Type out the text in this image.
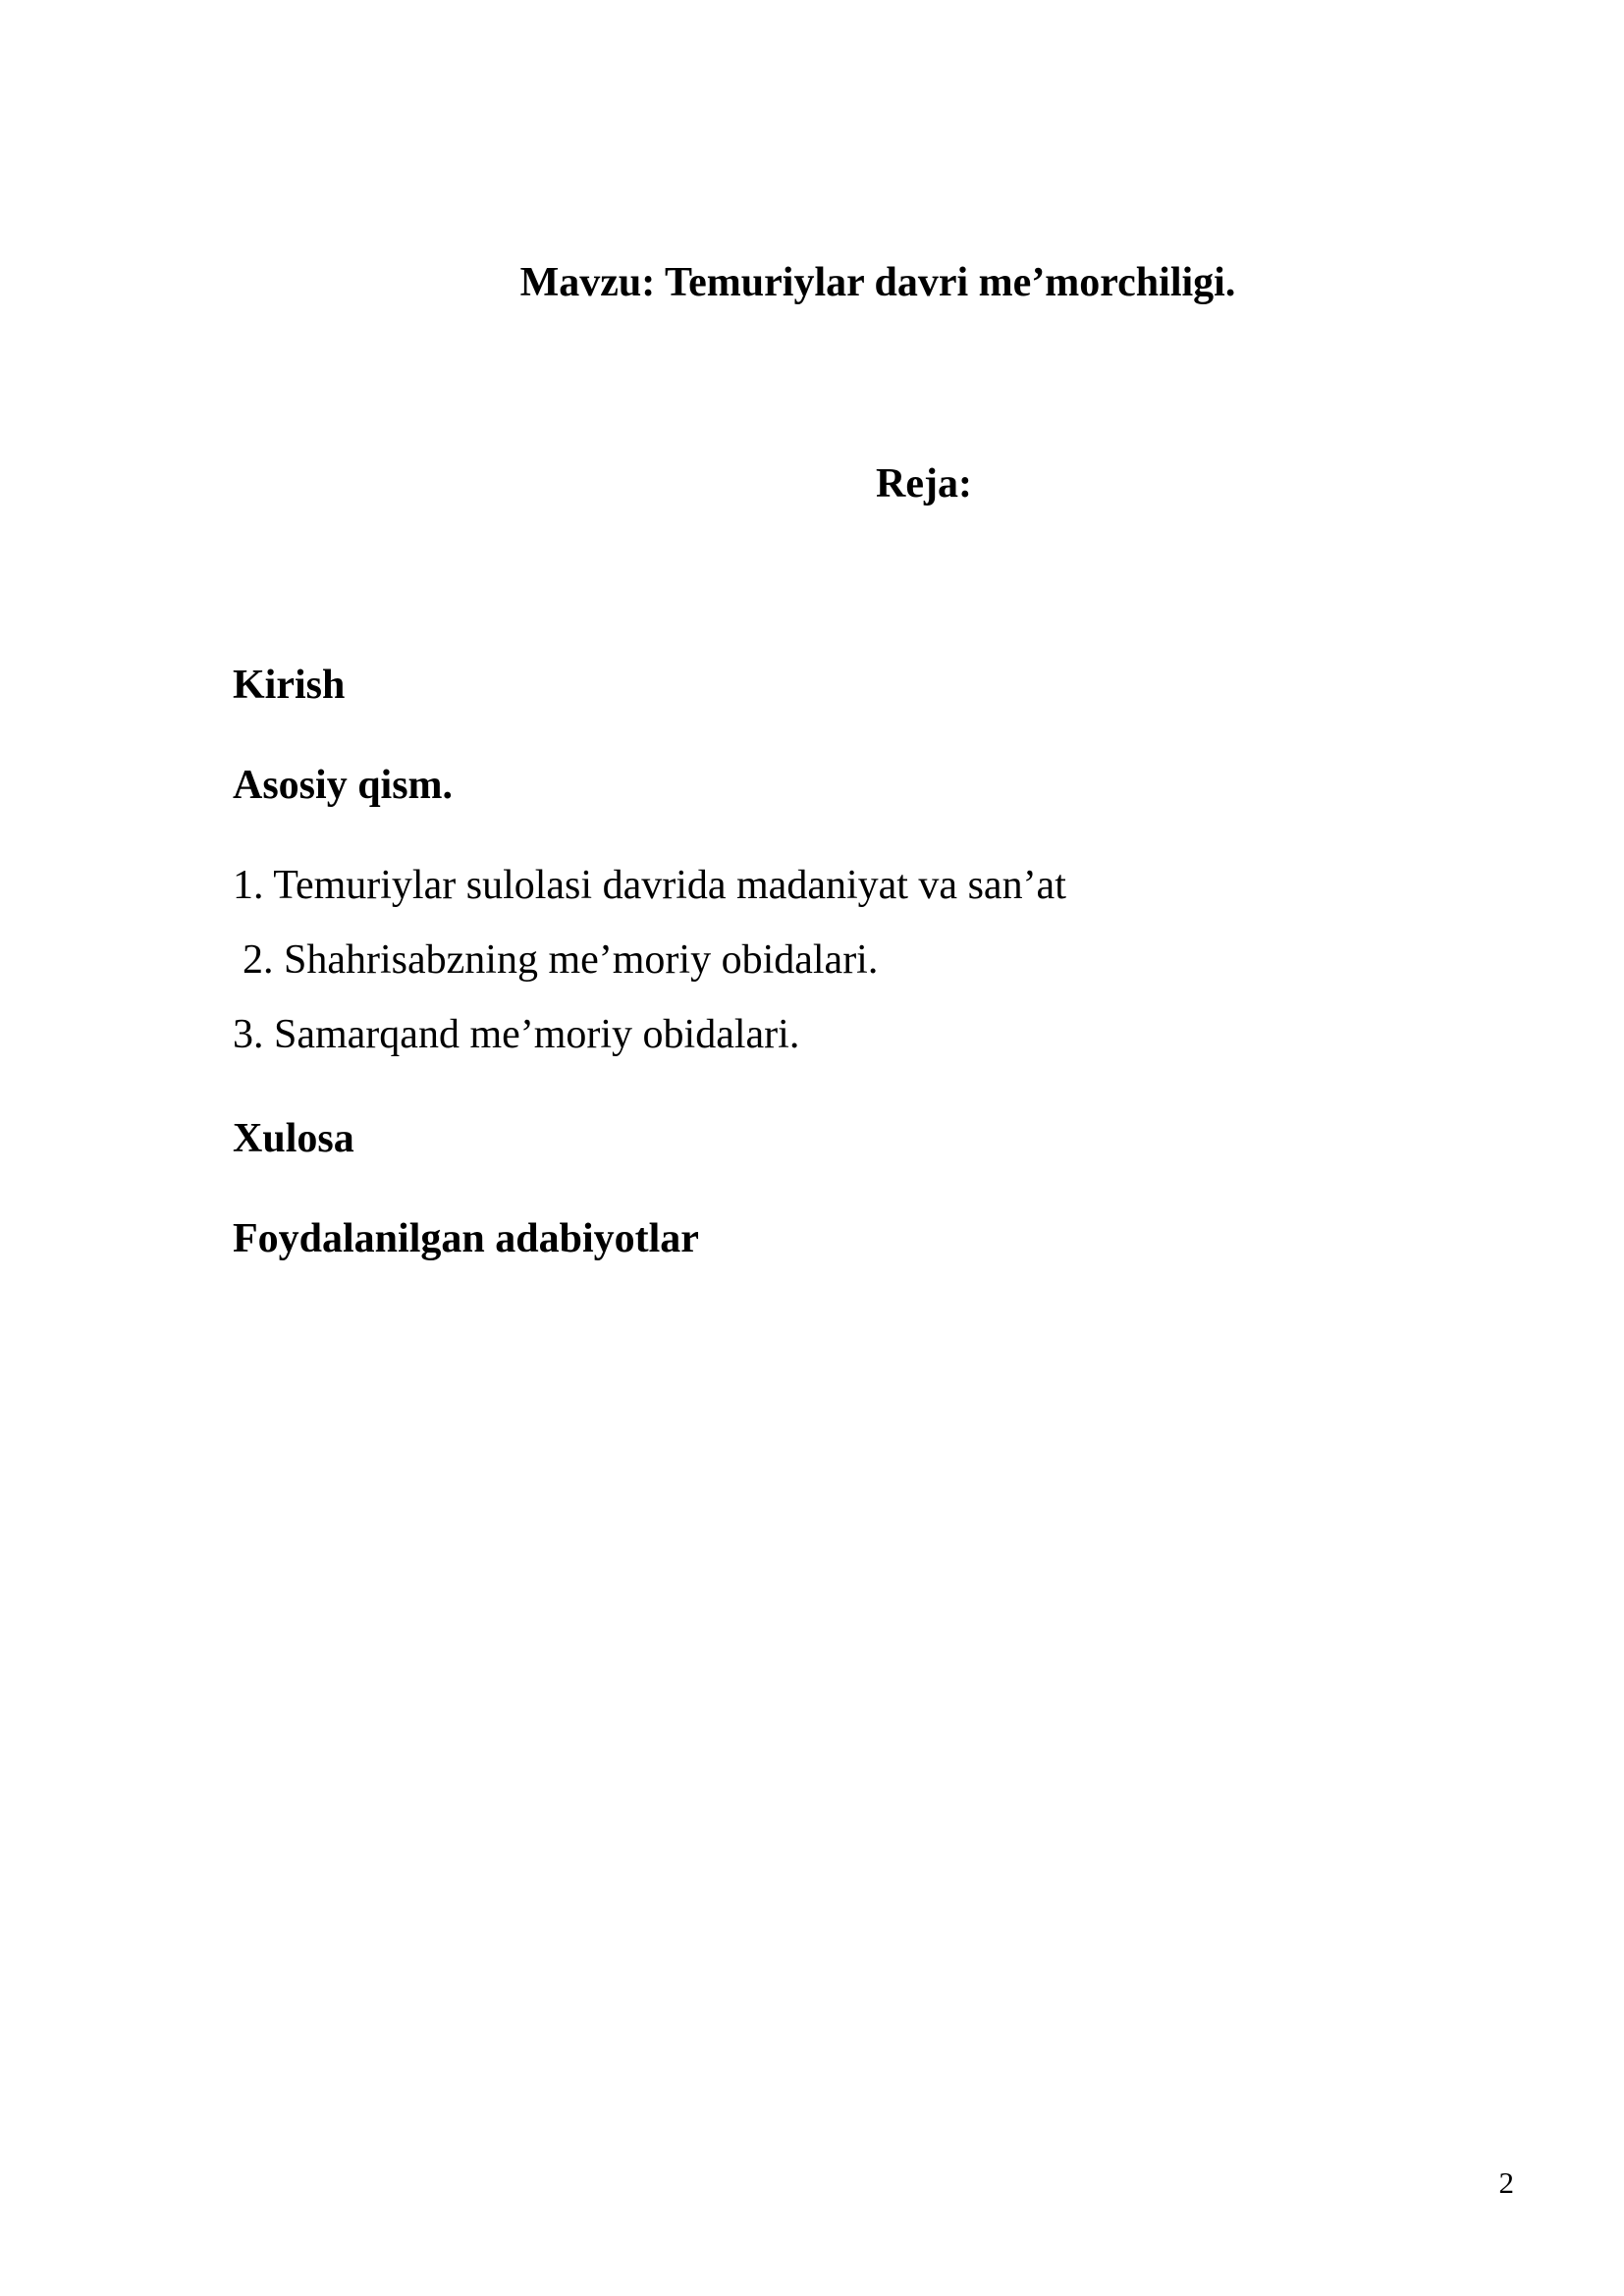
Mavzu: Temuriylar davri me’morchiligi.
Reja:
Kirish
Asosiy qism.
1. Temuriylar sulolasi davrida madaniyat va san’at
2. Shahrisabzning me’moriy obidalari.
3. Samarqand me’moriy obidalari.
Xulosa
Foydalanilgan adabiyotlar
2
